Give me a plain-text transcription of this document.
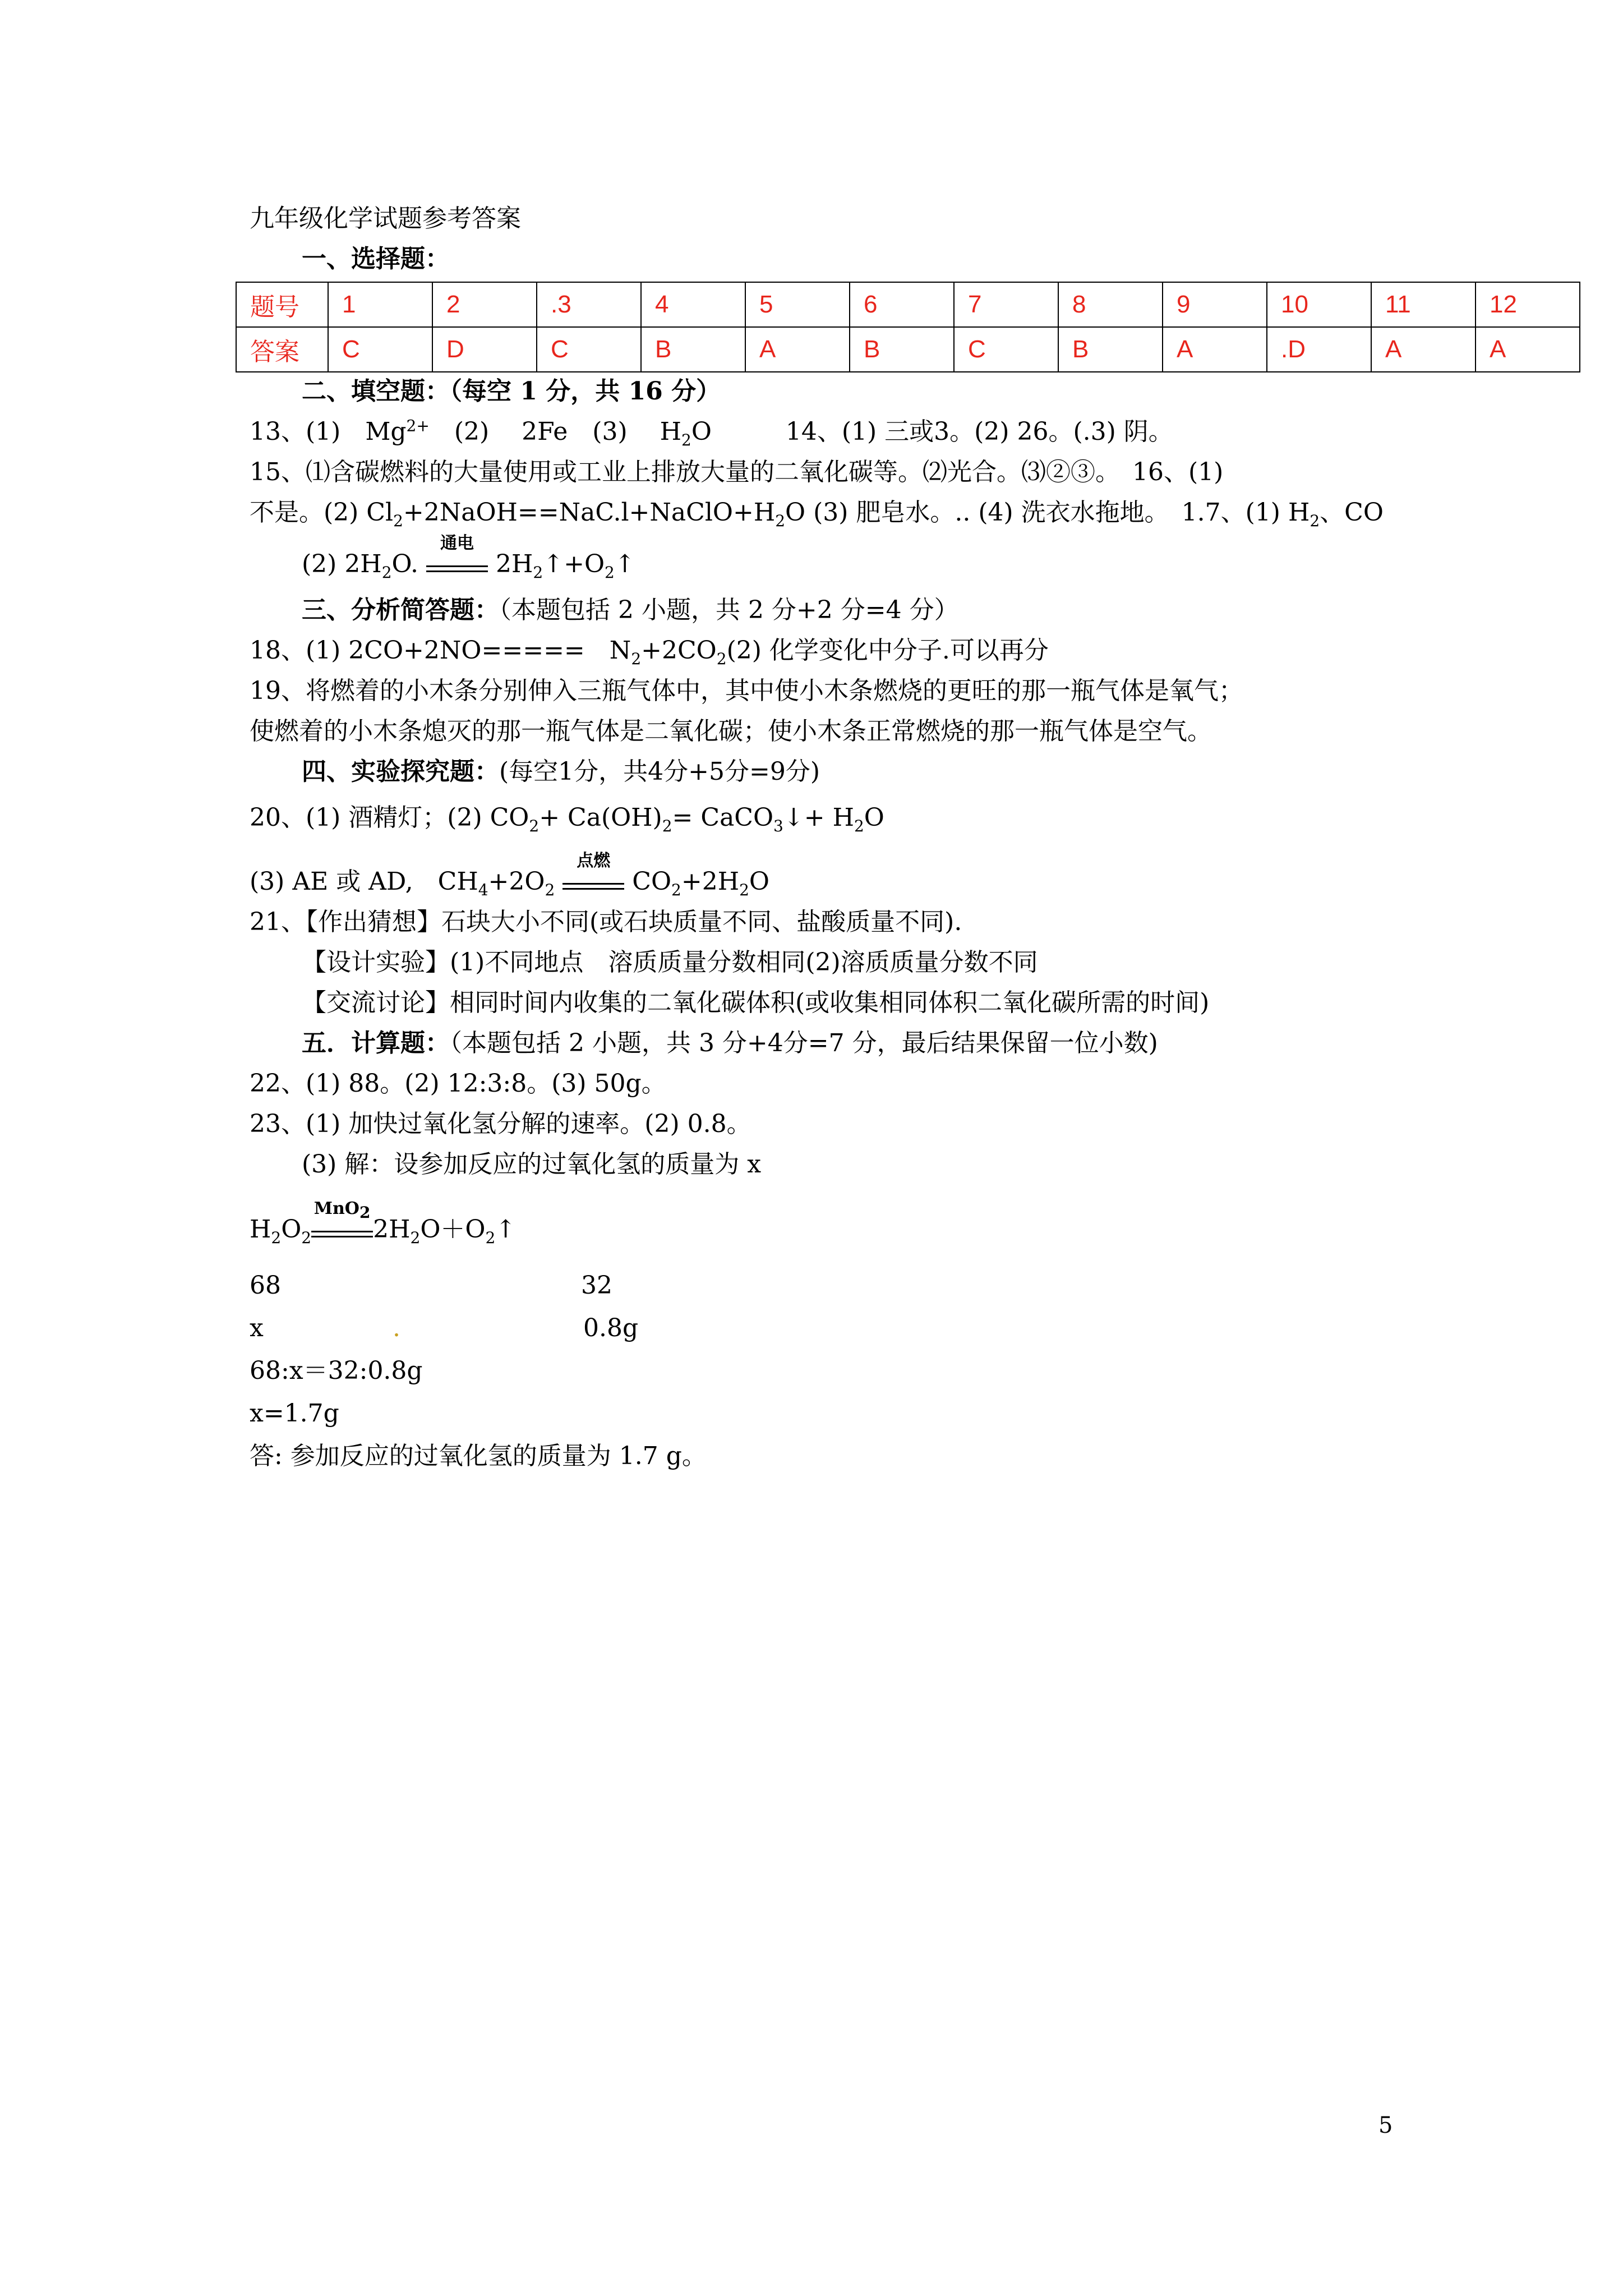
九年级化学试题参考答案
一、选择题：
题号	1	2	.3	4	5	6	7	8	9	10	11	12
答案	C	D	C	B	A	B	C	B	A	.D	A	A
二、填空题：（每空 1 分，共 16 分）
13、(1)　$Mg^{2+}$　(2)　 2Fe　(3)　 $H_2O$　　　14、(1) 三或3。(2) 26。(.3) 阴。
15、⑴含碳燃料的大量使用或工业上排放大量的二氧化碳等。⑵光合。⑶②③。　16、(1)
不是。(2) $Cl_2+2NaOH==NaC.l+NaClO+H_2O$ (3) 肥皂水。.. (4) 洗衣水拖地。　1.7、(1) $H_2$、CO
(2) $2H_2O$.
通电
$2H_2↑+O_2↑$
三、分析简答题：（本题包括 2 小题，共 2 分+2 分=4 分）
18、(1) 2CO+2NO=====　$N_2+2CO_2(2)$ 化学变化中分子.可以再分
19、将燃着的小木条分别伸入三瓶气体中，其中使小木条燃烧的更旺的那一瓶气体是氧气；
使燃着的小木条熄灭的那一瓶气体是二氧化碳；使小木条正常燃烧的那一瓶气体是空气。
四、实验探究题：(每空1分，共4分+5分=9分)
20、(1) 酒精灯；(2) $CO_2+ Ca(OH)_2=$ CaCO$_3$↓+ $H_2O$
(3) AE 或 AD,　$CH_4+2O_2$
点燃
$CO_2+2H_2O$
21、【作出猜想】石块大小不同(或石块质量不同、盐酸质量不同).
【设计实验】(1)不同地点　溶质质量分数相同(2)溶质质量分数不同
【交流讨论】相同时间内收集的二氧化碳体积(或收集相同体积二氧化碳所需的时间)
五．计算题：（本题包括 2 小题，共 3 分+4分=7 分，最后结果保留一位小数)
22、(1) 88。(2) 12:3:8。(3) 50g。
23、(1) 加快过氧化氢分解的速率。(2) 0.8。
(3) 解：设参加反应的过氧化氢的质量为 x
$H_2O_2$
MnO$_2$
$2H_2O+O_2↑$
68	32
x	.	0.8g
68:x＝32:0.8g
x=1.7g
答: 参加反应的过氧化氢的质量为 1.7 g。
5
